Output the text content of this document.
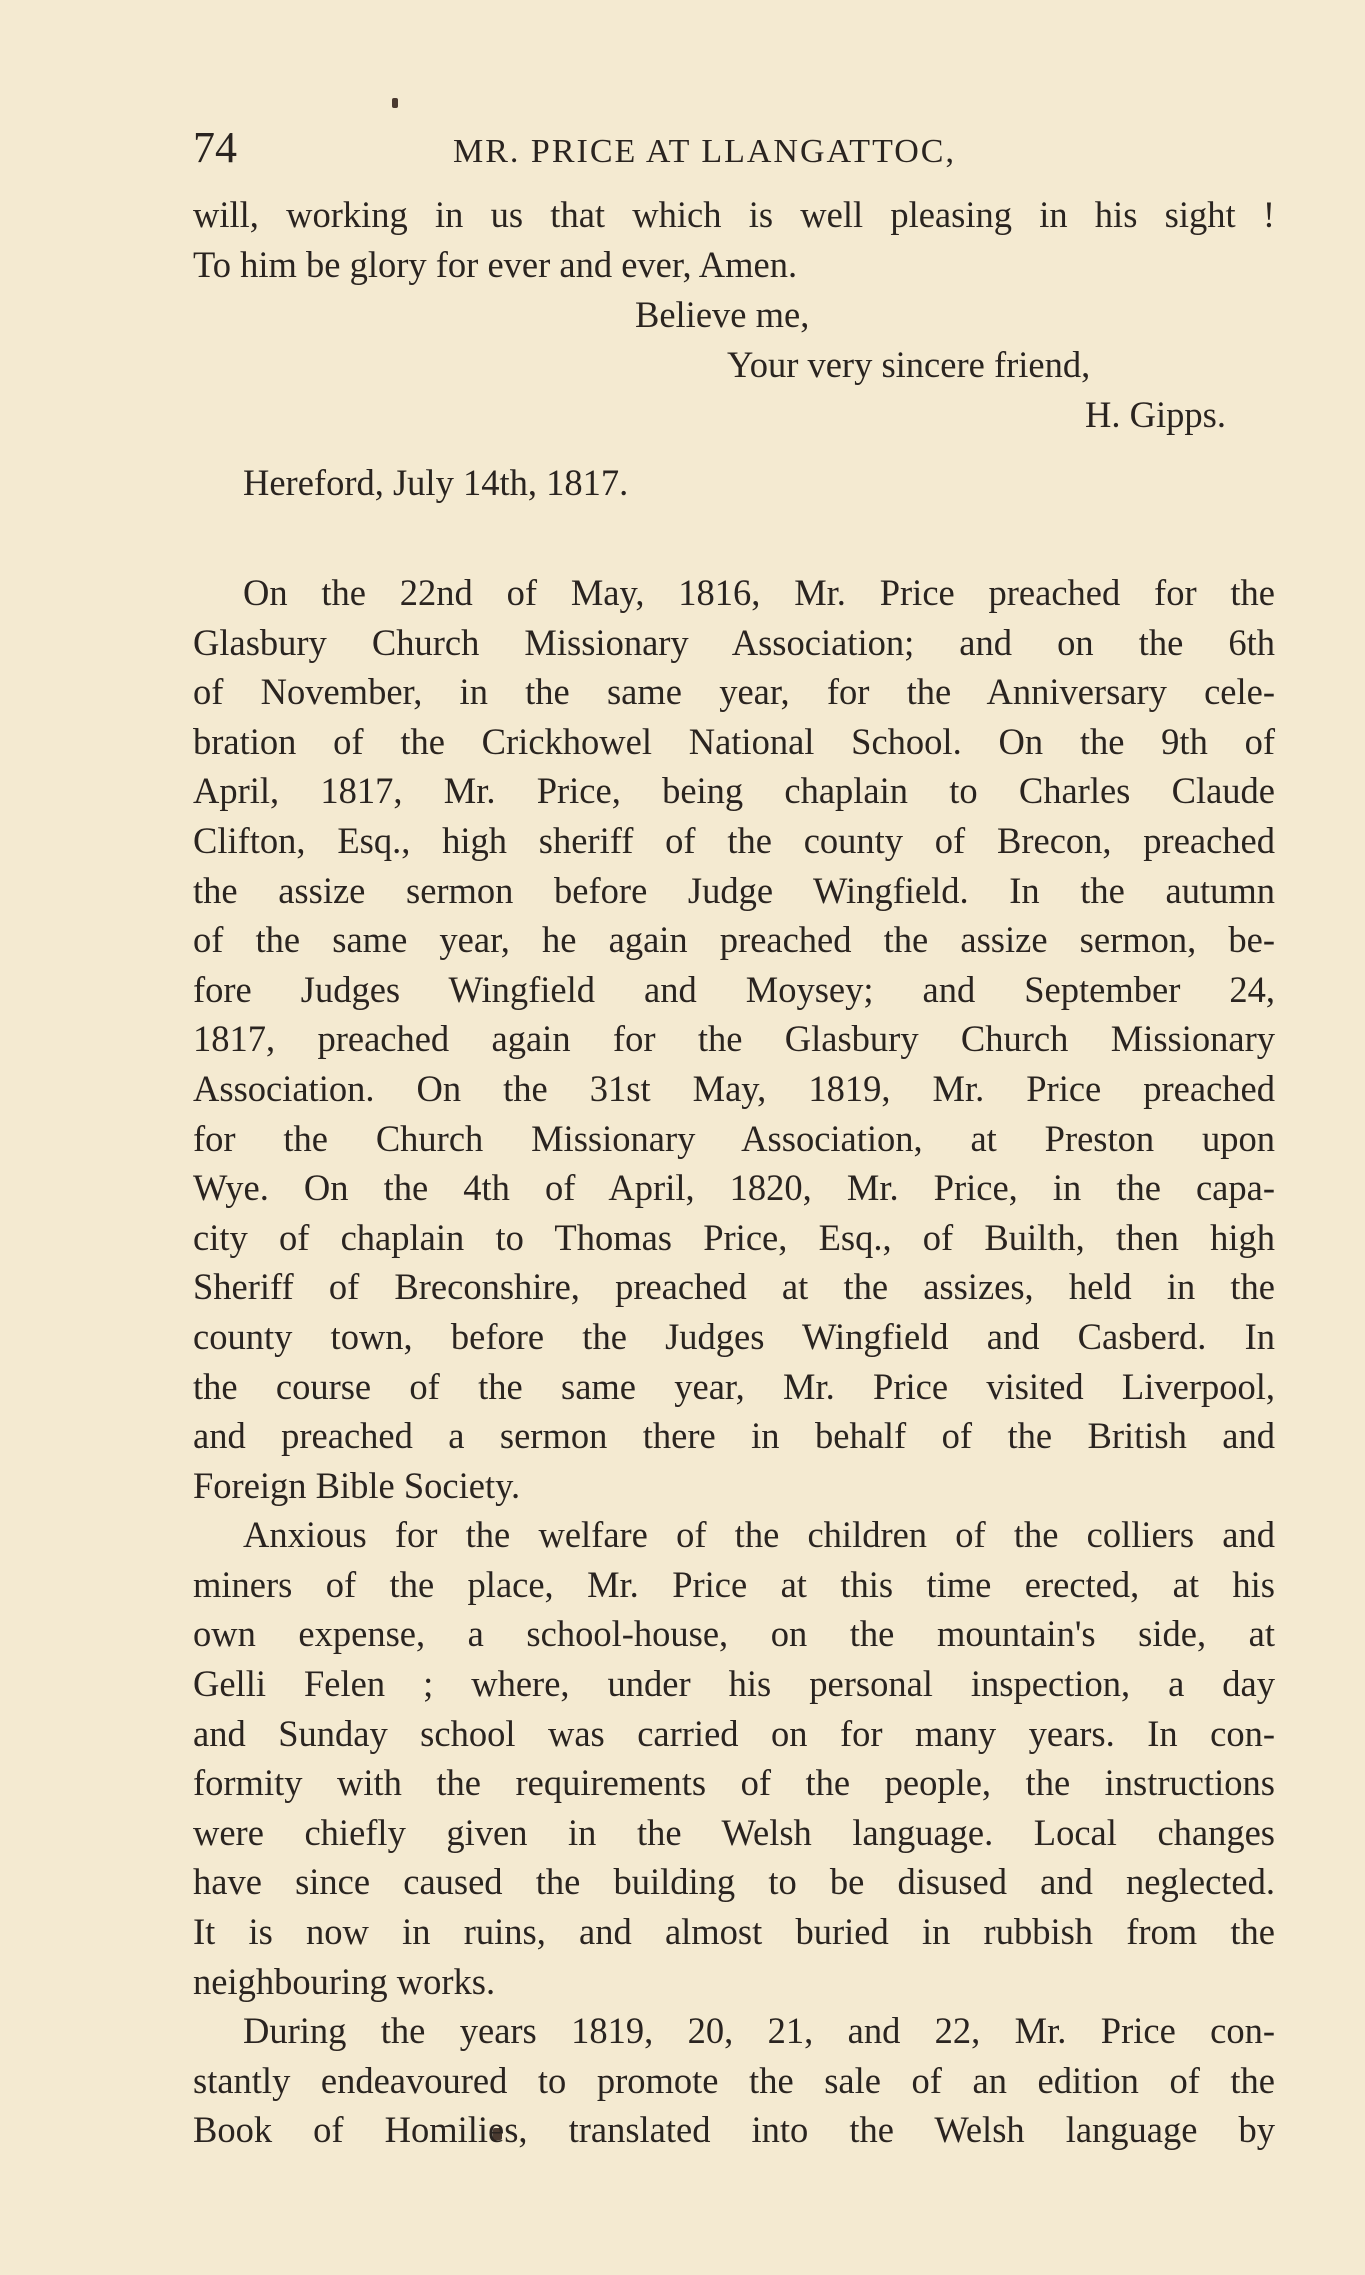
74	MR. PRICE AT LLANGATTOC,
will, working in us that which is well pleasing in his sight !
To him be glory for ever and ever, Amen.
Believe me,
Your very sincere friend,
H. Gipps.
Hereford, July 14th, 1817.
On the 22nd of May, 1816, Mr. Price preached for the
Glasbury Church Missionary Association; and on the 6th
of November, in the same year, for the Anniversary cele-
bration of the Crickhowel National School. On the 9th of
April, 1817, Mr. Price, being chaplain to Charles Claude
Clifton, Esq., high sheriff of the county of Brecon, preached
the assize sermon before Judge Wingfield. In the autumn
of the same year, he again preached the assize sermon, be-
fore Judges Wingfield and Moysey; and September 24,
1817, preached again for the Glasbury Church Missionary
Association. On the 31st May, 1819, Mr. Price preached
for the Church Missionary Association, at Preston upon
Wye. On the 4th of April, 1820, Mr. Price, in the capa-
city of chaplain to Thomas Price, Esq., of Builth, then high
Sheriff of Breconshire, preached at the assizes, held in the
county town, before the Judges Wingfield and Casberd. In
the course of the same year, Mr. Price visited Liverpool,
and preached a sermon there in behalf of the British and
Foreign Bible Society.
Anxious for the welfare of the children of the colliers and
miners of the place, Mr. Price at this time erected, at his
own expense, a school-house, on the mountain's side, at
Gelli Felen ; where, under his personal inspection, a day
and Sunday school was carried on for many years. In con-
formity with the requirements of the people, the instructions
were chiefly given in the Welsh language. Local changes
have since caused the building to be disused and neglected.
It is now in ruins, and almost buried in rubbish from the
neighbouring works.
During the years 1819, 20, 21, and 22, Mr. Price con-
stantly endeavoured to promote the sale of an edition of the
Book of Homilies, translated into the Welsh language by
